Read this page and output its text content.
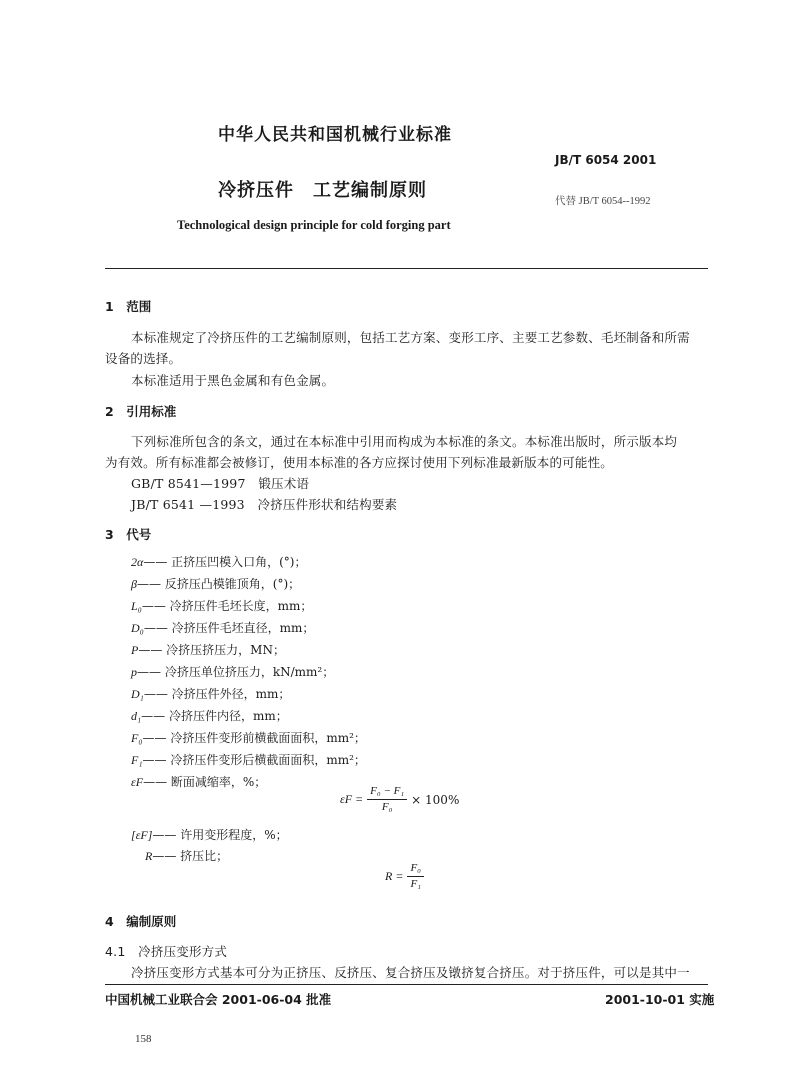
中华人民共和国机械行业标准
JB/T 6054 2001
冷挤压件　工艺编制原则
代替 JB/T 6054--1992
Technological design principle for cold forging part
1　范围
本标准规定了冷挤压件的工艺编制原则，包括工艺方案、变形工序、主要工艺参数、毛坯制备和所需
设备的选择。
本标准适用于黑色金属和有色金属。
2　引用标准
下列标准所包含的条文，通过在本标准中引用而构成为本标准的条文。本标准出版时，所示版本均
为有效。所有标准都会被修订，使用本标准的各方应探讨使用下列标准最新版本的可能性。
GB/T 8541—1997　锻压术语
JB/T 6541 —1993　冷挤压件形状和结构要素
3　代号
2α—— 正挤压凹模入口角，(°)；
β—— 反挤压凸模锥顶角，(°)；
L₀—— 冷挤压件毛坯长度，mm；
D₀—— 冷挤压件毛坯直径，mm；
P—— 冷挤压挤压力，MN；
p—— 冷挤压单位挤压力，kN/mm²；
D₁—— 冷挤压件外径，mm；
d₁—— 冷挤压件内径，mm；
F₀—— 冷挤压件变形前横截面面积，mm²；
F₁—— 冷挤压件变形后横截面面积，mm²；
εF—— 断面减缩率，%；
$\varepsilon F = \frac{\text{F₀ − F₁}}{\text{F₀}} \times 100\%$
[εF]—— 许用变形程度，%；
R—— 挤压比；
$R = \frac{\text{F₀}}{\text{F₁}}$
4　编制原则
4.1　冷挤压变形方式
冷挤压变形方式基本可分为正挤压、反挤压、复合挤压及镦挤复合挤压。对于挤压件，可以是其中一
中国机械工业联合会 2001-06-04 批准	2001-10-01 实施
158
